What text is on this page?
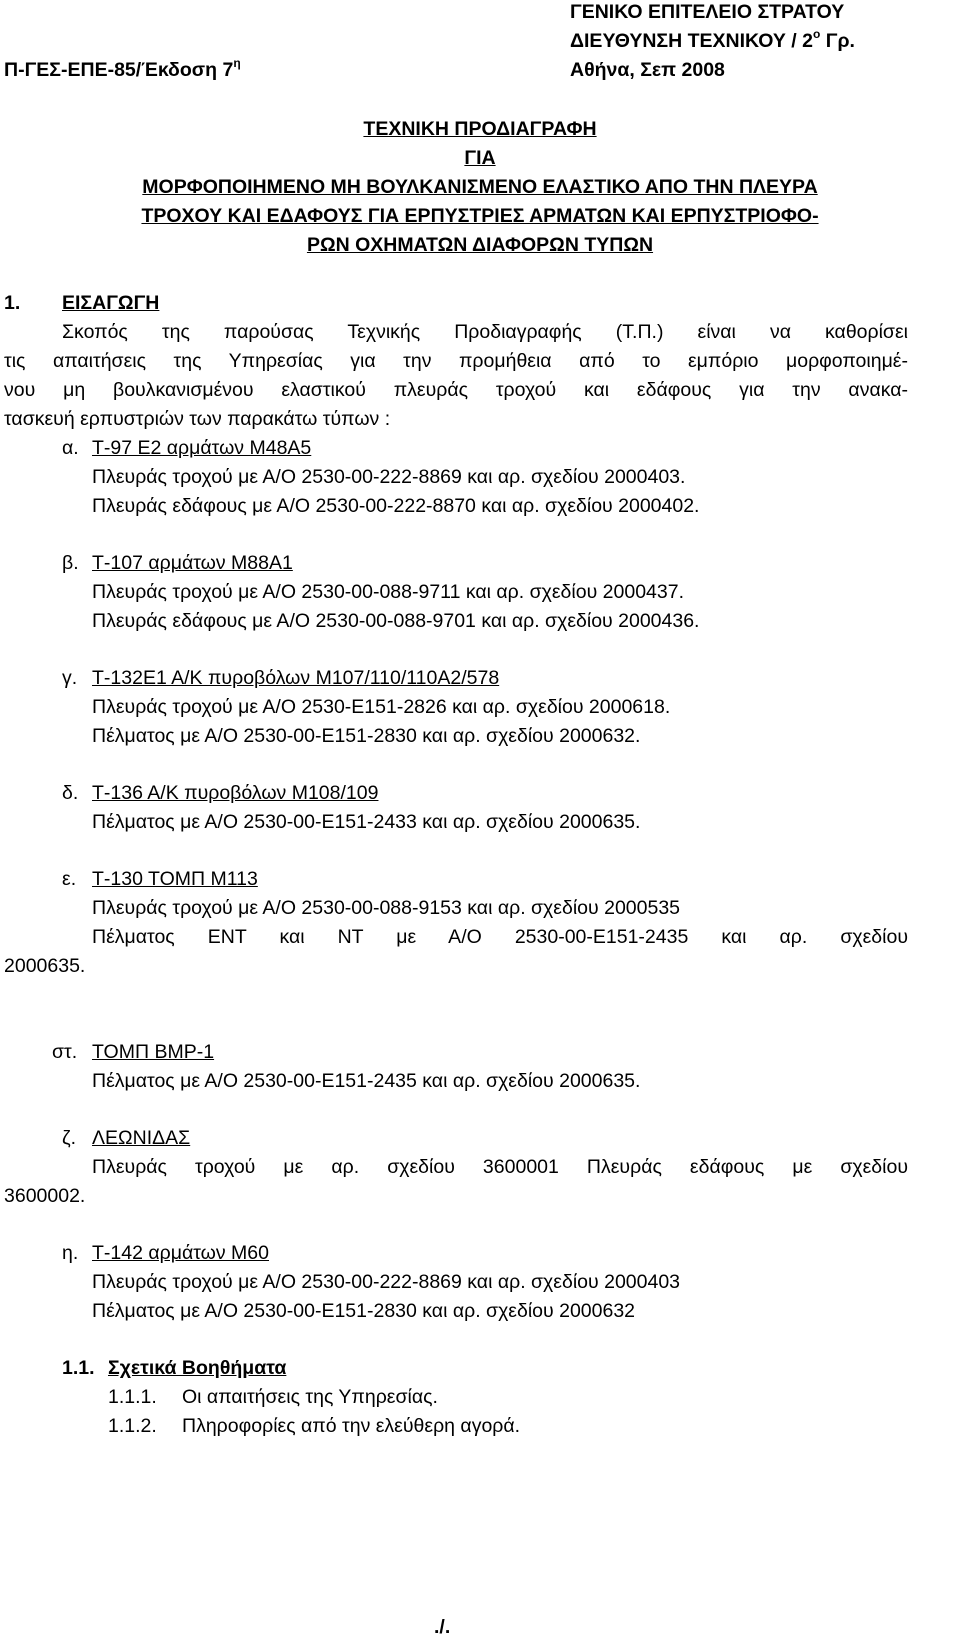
ΓΕΝΙΚΟ ΕΠΙΤΕΛΕΙΟ ΣΤΡΑΤΟΥ
ΔΙΕΥΘΥΝΣΗ ΤΕΧΝΙΚΟΥ / $2^o$ Γρ.
Π-ΓΕΣ-ΕΠΕ-85/Έκδοση $7^\eta$	Αθήνα, Σεπ 2008
ΤΕΧΝΙΚΗ ΠΡΟΔΙΑΓΡΑΦΗ
ΓΙΑ
ΜΟΡΦΟΠΟΙΗΜΕΝΟ ΜΗ ΒΟΥΛΚΑΝΙΣΜΕΝΟ ΕΛΑΣΤΙΚΟ ΑΠΟ ΤΗΝ ΠΛΕΥΡΑ
ΤΡΟΧΟΥ ΚΑΙ ΕΔΑΦΟΥΣ ΓΙΑ ΕΡΠΥΣΤΡΙΕΣ ΑΡΜΑΤΩΝ ΚΑΙ ΕΡΠΥΣΤΡΙΟΦΟ-
ΡΩΝ ΟΧΗΜΑΤΩΝ ΔΙΑΦΟΡΩΝ ΤΥΠΩΝ
1. ΕΙΣΑΓΩΓΗ
Σκοπός της παρούσας Τεχνικής Προδιαγραφής (Τ.Π.) είναι να καθορίσει
τις απαιτήσεις της Υπηρεσίας για την προμήθεια από το εμπόριο μορφοποιημέ-
νου μη βουλκανισμένου ελαστικού πλευράς τροχού και εδάφους για την ανακα-
τασκευή ερπυστριών των παρακάτω τύπων :
α. Τ-97 Ε2 αρμάτων Μ48Α5
Πλευράς τροχού με Α/Ο 2530-00-222-8869 και αρ. σχεδίου 2000403.
Πλευράς εδάφους με Α/Ο 2530-00-222-8870 και αρ. σχεδίου 2000402.
β. Τ-107 αρμάτων Μ88Α1
Πλευράς τροχού με Α/Ο 2530-00-088-9711 και αρ. σχεδίου 2000437.
Πλευράς εδάφους με Α/Ο 2530-00-088-9701 και αρ. σχεδίου 2000436.
γ. Τ-132Ε1 Α/Κ πυροβόλων Μ107/110/110Α2/578
Πλευράς τροχού με Α/Ο 2530-Ε151-2826 και αρ. σχεδίου 2000618.
Πέλματος με Α/Ο 2530-00-Ε151-2830 και αρ. σχεδίου 2000632.
δ. Τ-136 Α/Κ πυροβόλων Μ108/109
Πέλματος με Α/Ο 2530-00-Ε151-2433 και αρ. σχεδίου 2000635.
ε. Τ-130 ΤΟΜΠ Μ113
Πλευράς τροχού με Α/Ο 2530-00-088-9153 και αρ. σχεδίου 2000535
Πέλματος ΕΝΤ και ΝΤ με Α/Ο 2530-00-Ε151-2435 και αρ. σχεδίου
2000635.
στ. ΤΟΜΠ ΒΜΡ-1
Πέλματος με Α/Ο 2530-00-Ε151-2435 και αρ. σχεδίου 2000635.
ζ. ΛΕΩΝΙΔΑΣ
Πλευράς τροχού με αρ. σχεδίου 3600001 Πλευράς εδάφους με σχεδίου
3600002.
η. Τ-142 αρμάτων Μ60
Πλευράς τροχού με Α/Ο 2530-00-222-8869 και αρ. σχεδίου 2000403
Πέλματος με Α/Ο 2530-00-Ε151-2830 και αρ. σχεδίου 2000632
1.1. Σχετικά Βοηθήματα
1.1.1. Οι απαιτήσεις της Υπηρεσίας.
1.1.2. Πληροφορίες από την ελεύθερη αγορά.
./.
